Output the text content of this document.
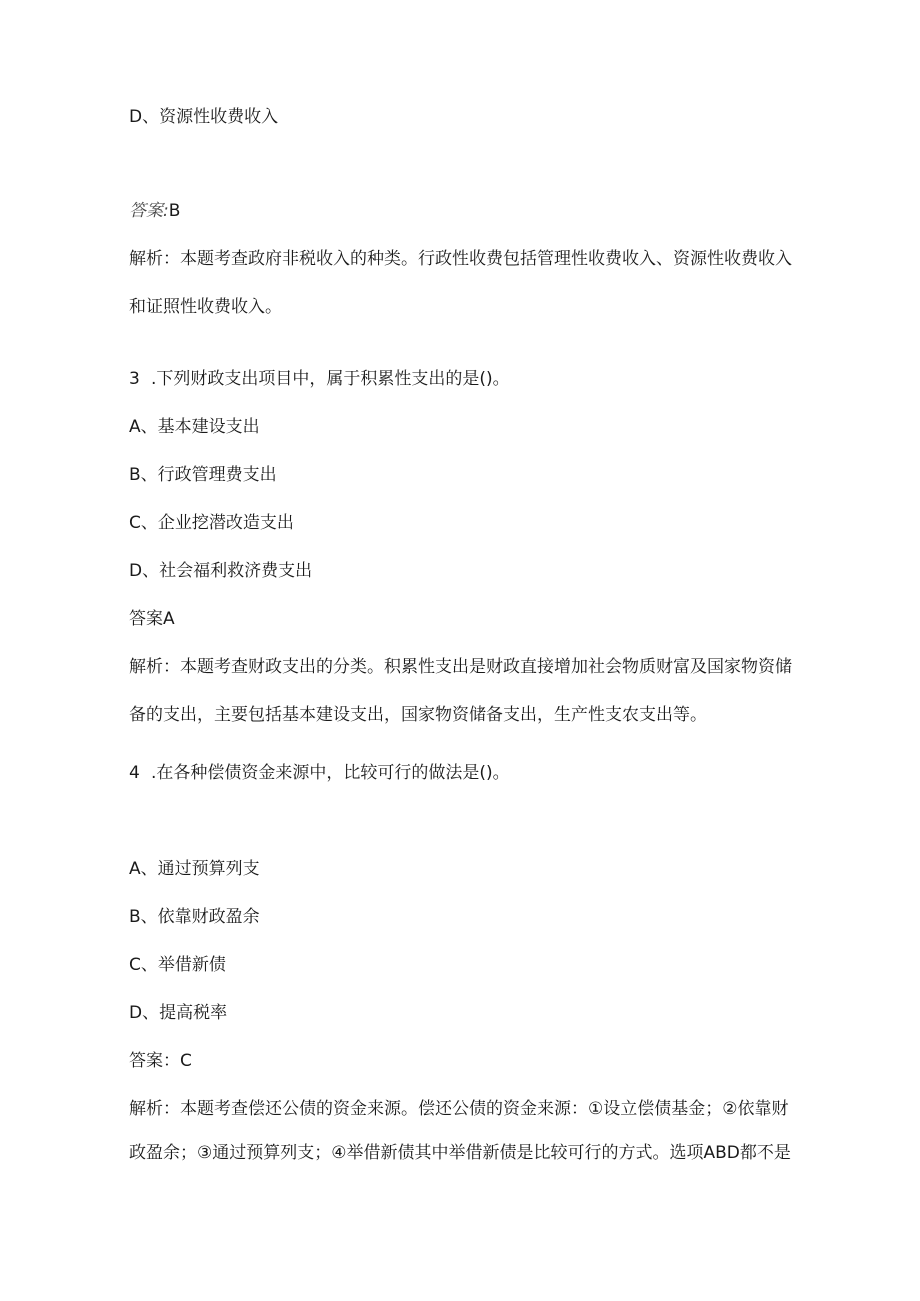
D、资源性收费收入
答案:B
解析：本题考查政府非税收入的种类。行政性收费包括管理性收费收入、资源性收费收入
和证照性收费收入。
3 .下列财政支出项目中，属于积累性支出的是()。
A、基本建设支出
B、行政管理费支出
C、企业挖潜改造支出
D、社会福利救济费支出
答案A
解析：本题考查财政支出的分类。积累性支出是财政直接增加社会物质财富及国家物资储
备的支出，主要包括基本建设支出，国家物资储备支出，生产性支农支出等。
4 .在各种偿债资金来源中，比较可行的做法是()。
A、通过预算列支
B、依靠财政盈余
C、举借新债
D、提高税率
答案：C
解析：本题考查偿还公债的资金来源。偿还公债的资金来源：①设立偿债基金；②依靠财
政盈余；③通过预算列支；④举借新债其中举借新债是比较可行的方式。选项ABD都不是
